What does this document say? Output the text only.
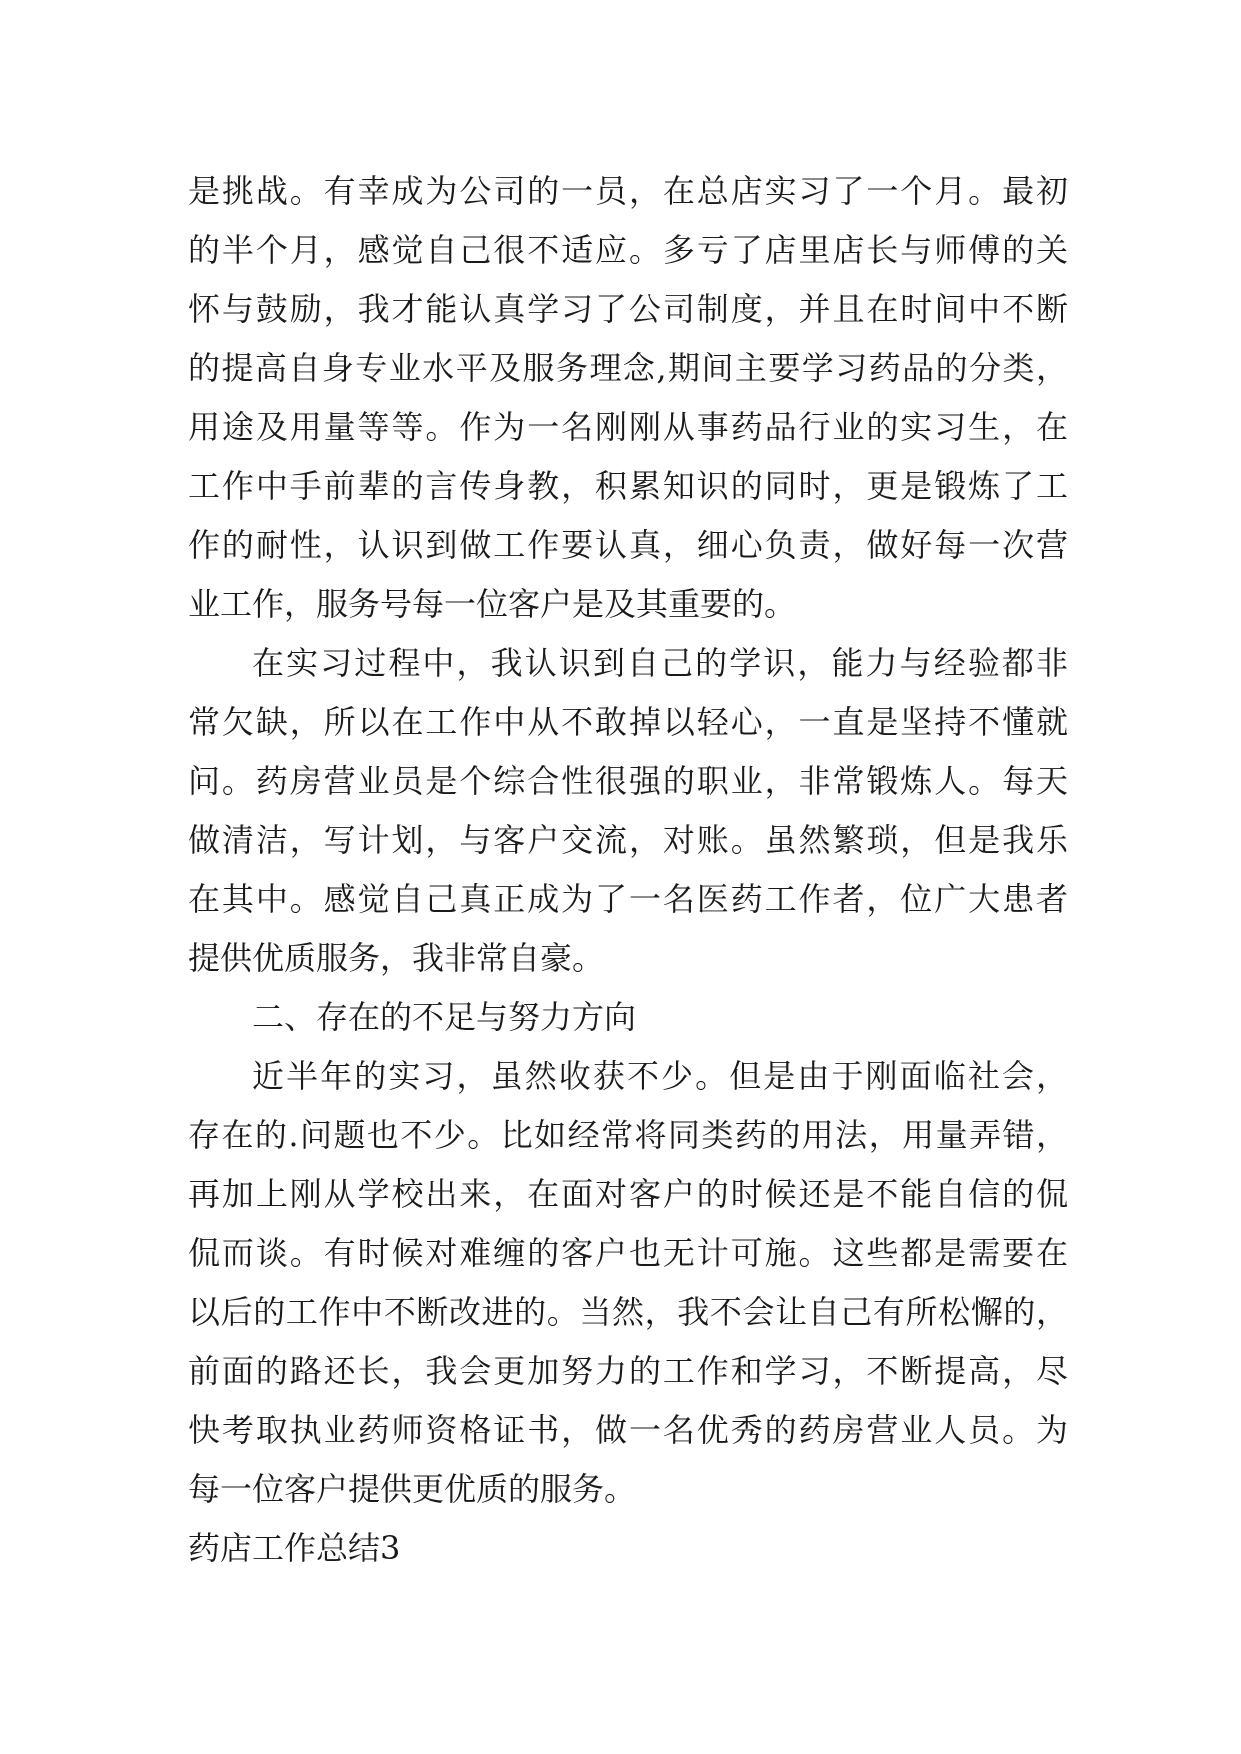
是挑战。有幸成为公司的一员，在总店实习了一个月。最初
的半个月，感觉自己很不适应。多亏了店里店长与师傅的关
怀与鼓励，我才能认真学习了公司制度，并且在时间中不断
的提高自身专业水平及服务理念,期间主要学习药品的分类，
用途及用量等等。作为一名刚刚从事药品行业的实习生，在
工作中手前辈的言传身教，积累知识的同时，更是锻炼了工
作的耐性，认识到做工作要认真，细心负责，做好每一次营
业工作，服务号每一位客户是及其重要的。
在实习过程中，我认识到自己的学识，能力与经验都非
常欠缺，所以在工作中从不敢掉以轻心，一直是坚持不懂就
问。药房营业员是个综合性很强的职业，非常锻炼人。每天
做清洁，写计划，与客户交流，对账。虽然繁琐，但是我乐
在其中。感觉自己真正成为了一名医药工作者，位广大患者
提供优质服务，我非常自豪。
二、存在的不足与努力方向
近半年的实习，虽然收获不少。但是由于刚面临社会，
存在的.问题也不少。比如经常将同类药的用法，用量弄错，
再加上刚从学校出来，在面对客户的时候还是不能自信的侃
侃而谈。有时候对难缠的客户也无计可施。这些都是需要在
以后的工作中不断改进的。当然，我不会让自己有所松懈的，
前面的路还长，我会更加努力的工作和学习，不断提高，尽
快考取执业药师资格证书，做一名优秀的药房营业人员。为
每一位客户提供更优质的服务。
药店工作总结3
